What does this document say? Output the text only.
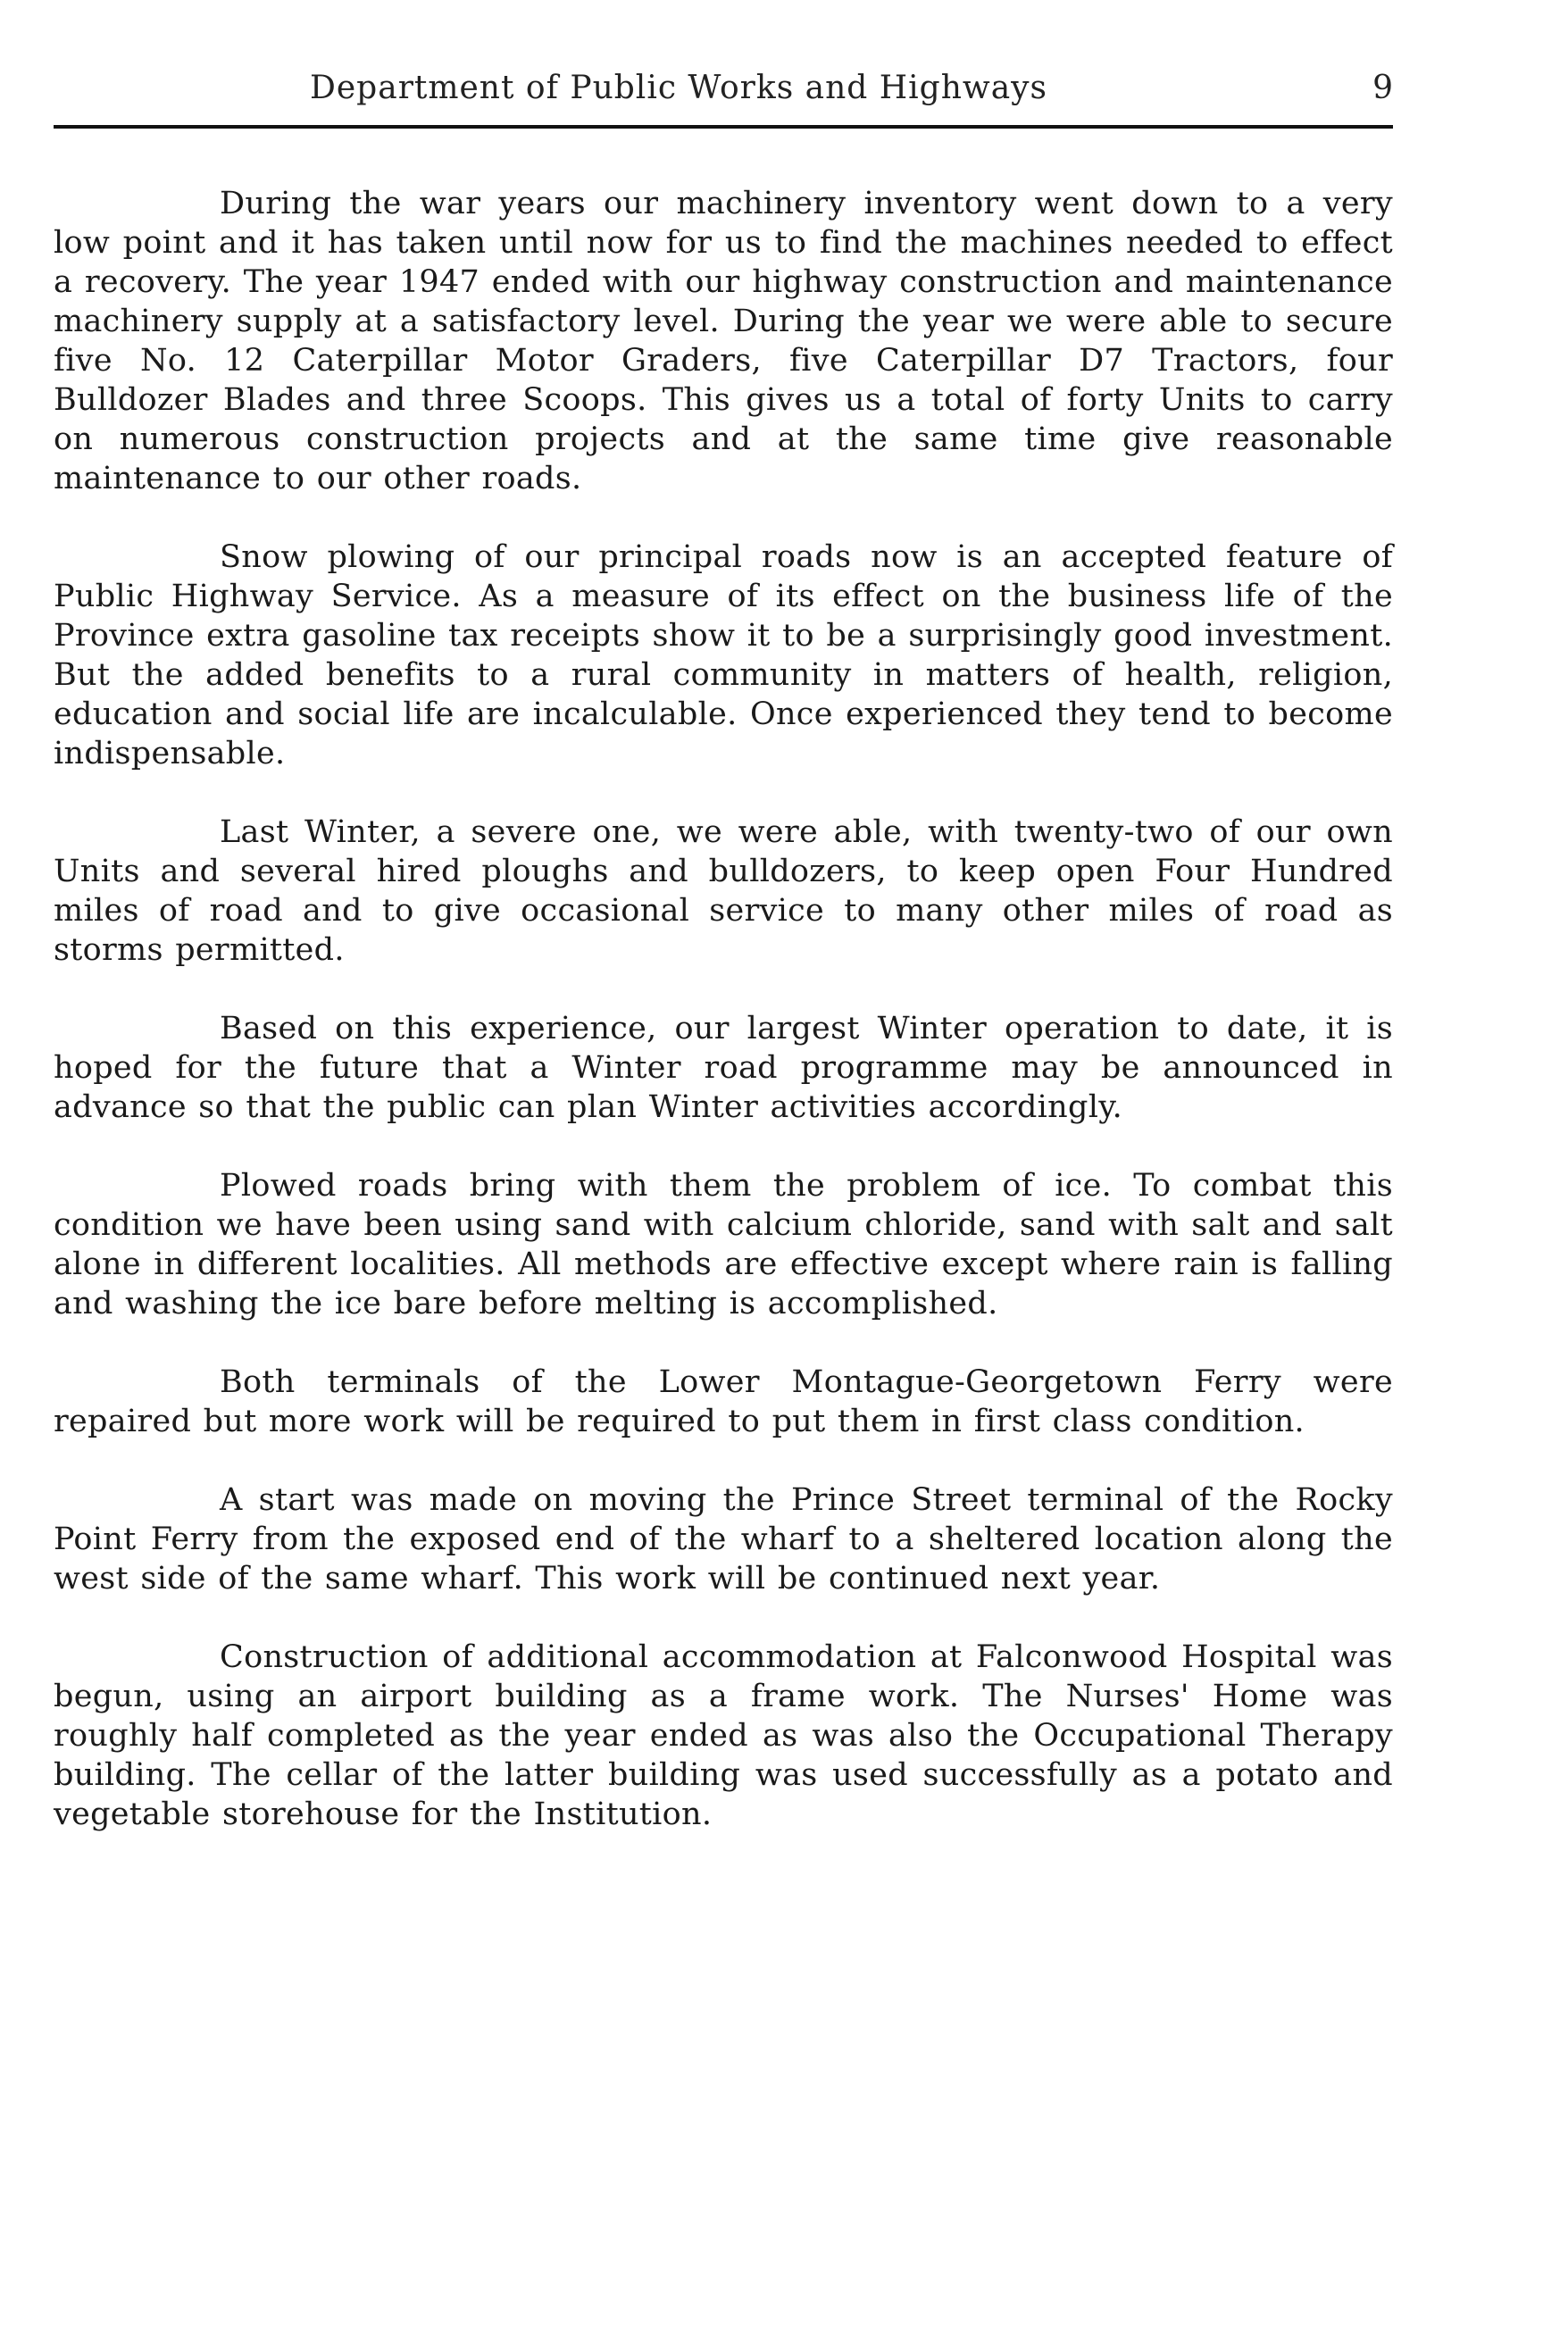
Department of Public Works and Highways	9

During the war years our machinery inventory went down to a very low point and it has taken until now for us to find the machines needed to effect a recovery. The year 1947 ended with our highway construction and maintenance machinery supply at a satisfactory level. During the year we were able to secure five No. 12 Caterpillar Motor Graders, five Caterpillar D7 Tractors, four Bulldozer Blades and three Scoops. This gives us a total of forty Units to carry on numerous construction projects and at the same time give reasonable maintenance to our other roads.

Snow plowing of our principal roads now is an accepted feature of Public Highway Service. As a measure of its effect on the business life of the Province extra gasoline tax receipts show it to be a surprisingly good investment. But the added benefits to a rural community in matters of health, religion, education and social life are incalculable. Once experienced they tend to become indispensable.

Last Winter, a severe one, we were able, with twenty-two of our own Units and several hired ploughs and bulldozers, to keep open Four Hundred miles of road and to give occasional service to many other miles of road as storms permitted.

Based on this experience, our largest Winter operation to date, it is hoped for the future that a Winter road programme may be announced in advance so that the public can plan Winter activities accordingly.

Plowed roads bring with them the problem of ice. To combat this condition we have been using sand with calcium chloride, sand with salt and salt alone in different localities. All methods are effective except where rain is falling and washing the ice bare before melting is accomplished.

Both terminals of the Lower Montague-Georgetown Ferry were repaired but more work will be required to put them in first class condition.

A start was made on moving the Prince Street terminal of the Rocky Point Ferry from the exposed end of the wharf to a sheltered location along the west side of the same wharf. This work will be continued next year.

Construction of additional accommodation at Falconwood Hospital was begun, using an airport building as a frame work. The Nurses' Home was roughly half completed as the year ended as was also the Occupational Therapy building. The cellar of the latter building was used successfully as a potato and vegetable storehouse for the Institution.
